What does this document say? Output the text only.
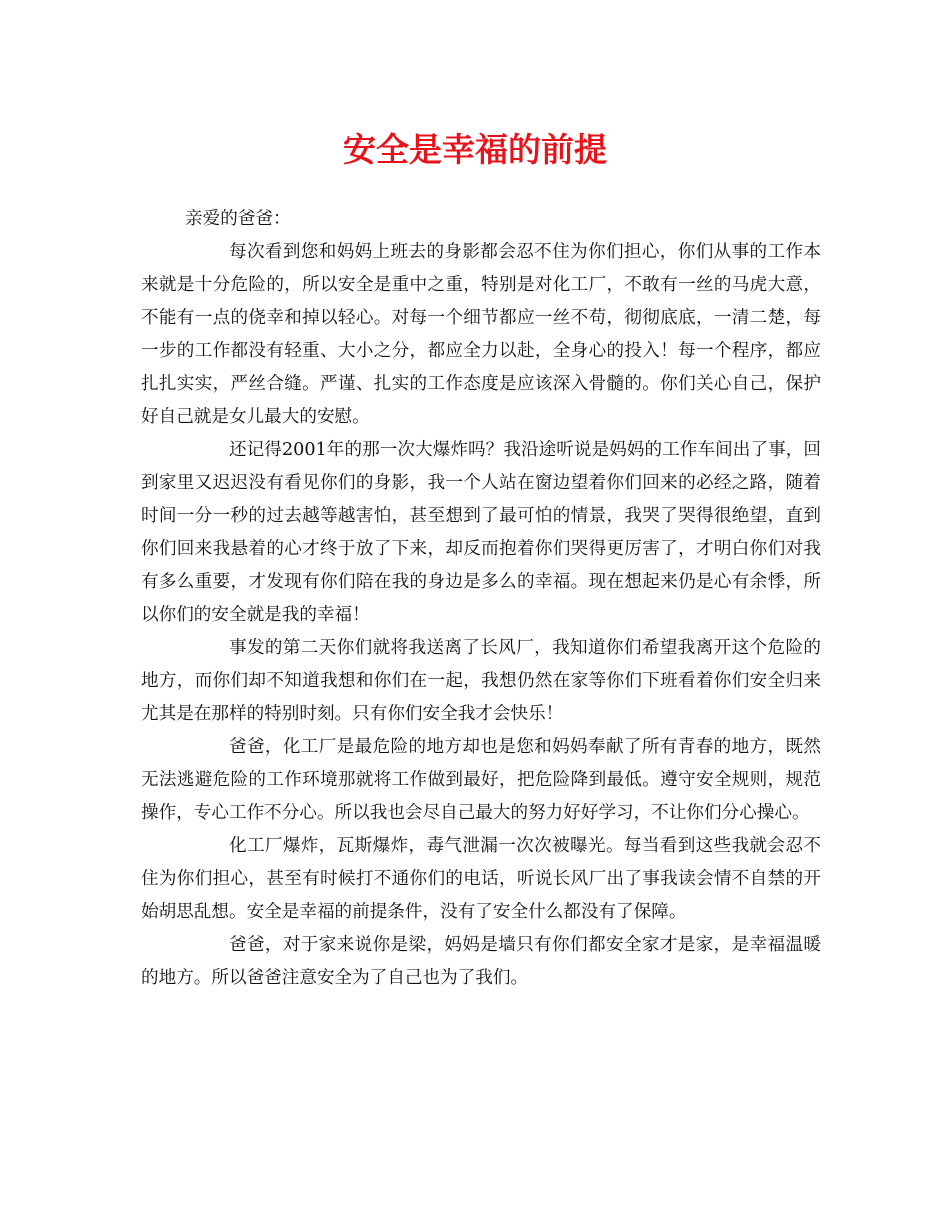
安全是幸福的前提

亲爱的爸爸：

每次看到您和妈妈上班去的身影都会忍不住为你们担心，你们从事的工作本来就是十分危险的，所以安全是重中之重，特别是对化工厂，不敢有一丝的马虎大意，不能有一点的侥幸和掉以轻心。对每一个细节都应一丝不苟，彻彻底底，一清二楚，每一步的工作都没有轻重、大小之分，都应全力以赴，全身心的投入！每一个程序，都应扎扎实实，严丝合缝。严谨、扎实的工作态度是应该深入骨髓的。你们关心自己，保护好自己就是女儿最大的安慰。

还记得2001年的那一次大爆炸吗？我沿途听说是妈妈的工作车间出了事，回到家里又迟迟没有看见你们的身影，我一个人站在窗边望着你们回来的必经之路，随着时间一分一秒的过去越等越害怕，甚至想到了最可怕的情景，我哭了哭得很绝望，直到你们回来我悬着的心才终于放了下来，却反而抱着你们哭得更厉害了，才明白你们对我有多么重要，才发现有你们陪在我的身边是多么的幸福。现在想起来仍是心有余悸，所以你们的安全就是我的幸福！

事发的第二天你们就将我送离了长风厂，我知道你们希望我离开这个危险的地方，而你们却不知道我想和你们在一起，我想仍然在家等你们下班看着你们安全归来尤其是在那样的特别时刻。只有你们安全我才会快乐！

爸爸，化工厂是最危险的地方却也是您和妈妈奉献了所有青春的地方，既然无法逃避危险的工作环境那就将工作做到最好，把危险降到最低。遵守安全规则，规范操作，专心工作不分心。所以我也会尽自己最大的努力好好学习，不让你们分心操心。

化工厂爆炸，瓦斯爆炸，毒气泄漏一次次被曝光。每当看到这些我就会忍不住为你们担心，甚至有时候打不通你们的电话，听说长风厂出了事我读会情不自禁的开始胡思乱想。安全是幸福的前提条件，没有了安全什么都没有了保障。

爸爸，对于家来说你是梁，妈妈是墙只有你们都安全家才是家，是幸福温暖的地方。所以爸爸注意安全为了自己也为了我们。
